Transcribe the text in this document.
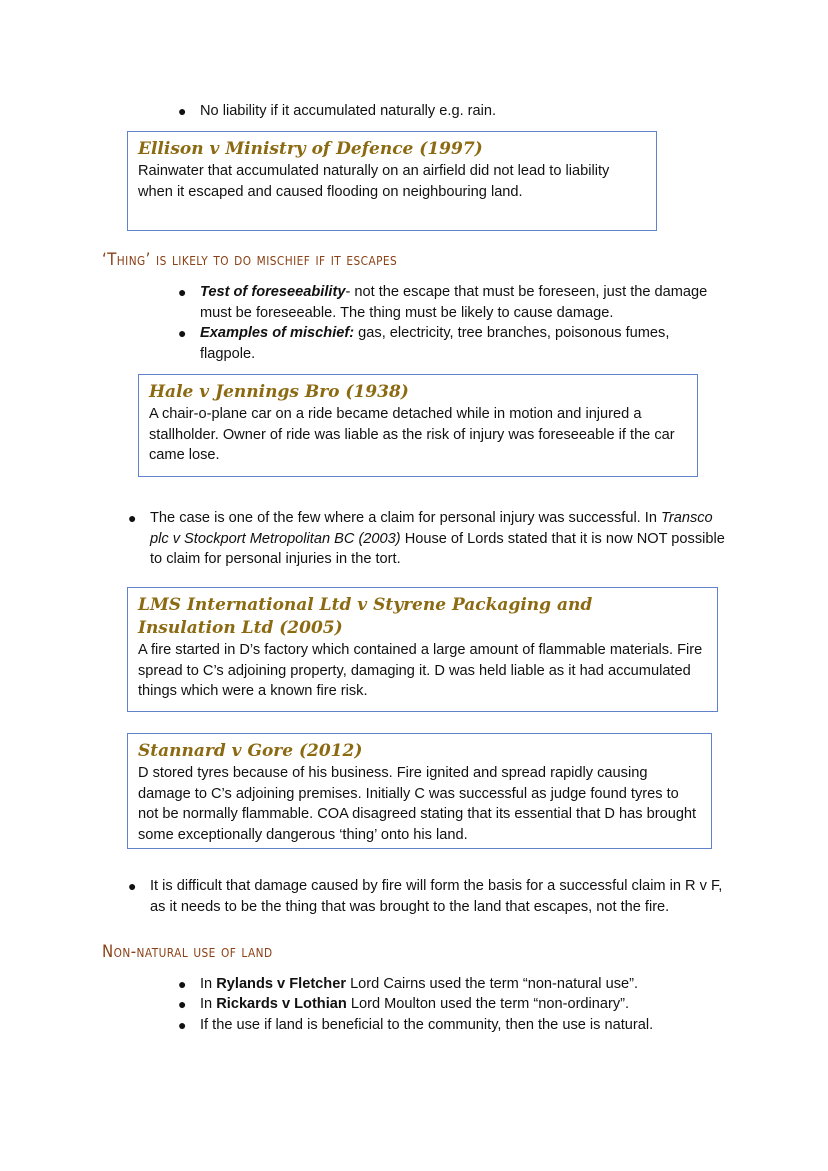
● No liability if it accumulated naturally e.g. rain.
Ellison v Ministry of Defence (1997)
Rainwater that accumulated naturally on an airfield did not lead to liability when it escaped and caused flooding on neighbouring land.
‘Thing’ is likely to do mischief if it escapes
● Test of foreseeability- not the escape that must be foreseen, just the damage must be foreseeable. The thing must be likely to cause damage.
● Examples of mischief: gas, electricity, tree branches, poisonous fumes, flagpole.
Hale v Jennings Bro (1938)
A chair-o-plane car on a ride became detached while in motion and injured a stallholder. Owner of ride was liable as the risk of injury was foreseeable if the car came lose.
● The case is one of the few where a claim for personal injury was successful. In Transco plc v Stockport Metropolitan BC (2003) House of Lords stated that it is now NOT possible to claim for personal injuries in the tort.
LMS International Ltd v Styrene Packaging and Insulation Ltd (2005)
A fire started in D’s factory which contained a large amount of flammable materials. Fire spread to C’s adjoining property, damaging it. D was held liable as it had accumulated things which were a known fire risk.
Stannard v Gore (2012)
D stored tyres because of his business. Fire ignited and spread rapidly causing damage to C’s adjoining premises. Initially C was successful as judge found tyres to not be normally flammable. COA disagreed stating that its essential that D has brought some exceptionally dangerous ‘thing’ onto his land.
● It is difficult that damage caused by fire will form the basis for a successful claim in R v F, as it needs to be the thing that was brought to the land that escapes, not the fire.
Non-natural use of land
● In Rylands v Fletcher Lord Cairns used the term “non-natural use”.
● In Rickards v Lothian Lord Moulton used the term “non-ordinary”.
● If the use if land is beneficial to the community, then the use is natural.
